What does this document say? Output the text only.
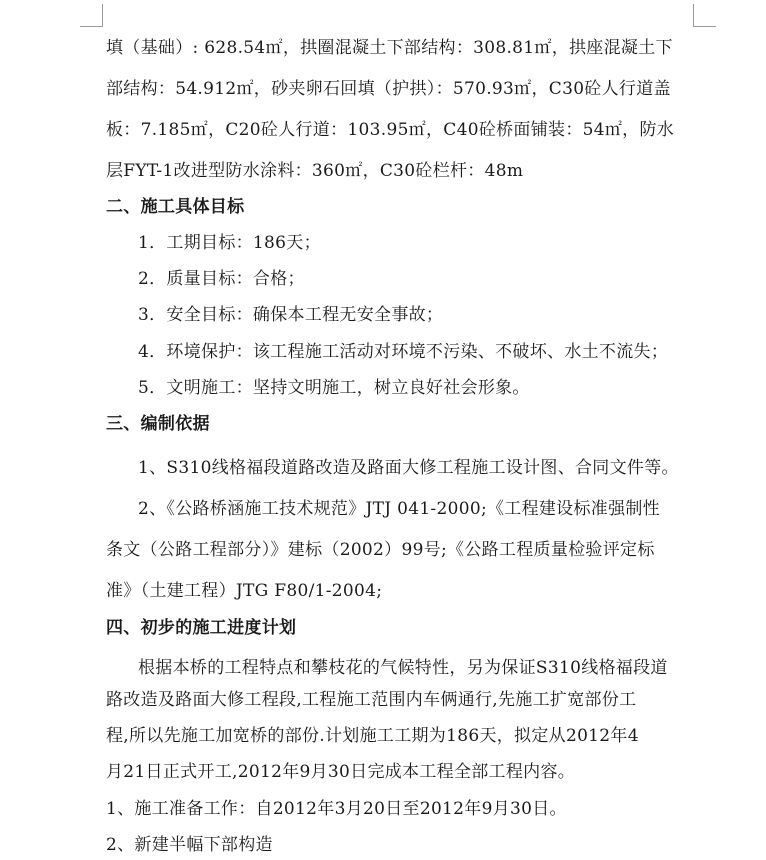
填（基础）: 628.54㎡，拱圈混凝土下部结构：308.81㎡，拱座混凝土下
部结构：54.912㎡，砂夹卵石回填（护拱）：570.93㎡，C30砼人行道盖
板：7.185㎡，C20砼人行道：103.95㎡，C40砼桥面铺装：54㎡，防水
层FYT-1改进型防水涂料：360㎡，C30砼栏杆：48m
二、施工具体目标
1．工期目标：186天；
2．质量目标：合格；
3．安全目标：确保本工程无安全事故；
4．环境保护：该工程施工活动对环境不污染、不破坏、水土不流失；
5．文明施工：坚持文明施工，树立良好社会形象。
三、编制依据
1、S310线格福段道路改造及路面大修工程施工设计图、合同文件等。
2、《公路桥涵施工技术规范》JTJ 041-2000;《工程建设标准强制性
条文（公路工程部分）》建标（2002）99号;《公路工程质量检验评定标
准》（土建工程）JTG F80/1-2004;
四、初步的施工进度计划
根据本桥的工程特点和攀枝花的气候特性，另为保证S310线格福段道
路改造及路面大修工程段,工程施工范围内车俩通行,先施工扩宽部份工
程,所以先施工加宽桥的部份.计划施工工期为186天，拟定从2012年4
月21日正式开工,2012年9月30日完成本工程全部工程内容。
1、施工准备工作：自2012年3月20日至2012年9月30日。
2、新建半幅下部构造
